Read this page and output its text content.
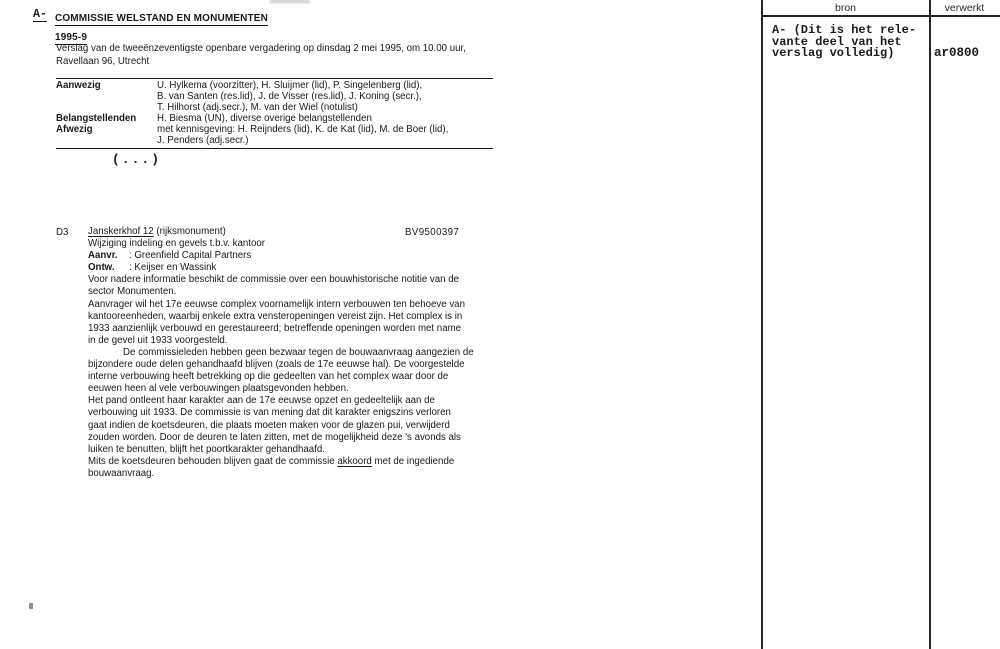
A- COMMISSIE WELSTAND EN MONUMENTEN
1995-9
Verslag van de tweeënzeventigste openbare vergadering op dinsdag 2 mei 1995, om 10.00 uur,
Ravellaan 96, Utrecht
Aanwezig	U. Hylkema (voorzitter), H. Sluijmer (lid), P. Singelenberg (lid),
B. van Santen (res.lid), J. de Visser (res.lid), J. Koning (secr.),
T. Hilhorst (adj.secr.), M. van der Wiel (notulist)
Belangstellenden	H. Biesma (UN), diverse overige belangstellenden
Afwezig	met kennisgeving: H. Reijnders (lid), K. de Kat (lid), M. de Boer (lid),
J. Penders (adj.secr.)
(...)
D3	BV9500397
Janskerkhof 12 (rijksmonument)
Wijziging indeling en gevels t.b.v. kantoor
Aanvr. : Greenfield Capital Partners
Ontw. : Keijser en Wassink
Voor nadere informatie beschikt de commissie over een bouwhistorische notitie van de
sector Monumenten.
Aanvrager wil het 17e eeuwse complex voornamelijk intern verbouwen ten behoeve van
kantooreenheden, waarbij enkele extra vensteropeningen vereist zijn. Het complex is in
1933 aanzienlijk verbouwd en gerestaureerd; betreffende openingen worden met name
in de gevel uit 1933 voorgesteld.
De commissieleden hebben geen bezwaar tegen de bouwaanvraag aangezien de
bijzondere oude delen gehandhaafd blijven (zoals de 17e eeuwse hal). De voorgestelde
interne verbouwing heeft betrekking op die gedeelten van het complex waar door de
eeuwen heen al vele verbouwingen plaatsgevonden hebben.
Het pand ontleent haar karakter aan de 17e eeuwse opzet en gedeeltelijk aan de
verbouwing uit 1933. De commissie is van mening dat dit karakter enigszins verloren
gaat indien de koetsdeuren, die plaats moeten maken voor de glazen pui, verwijderd
zouden worden. Door de deuren te laten zitten, met de mogelijkheid deze 's avonds als
luiken te benutten, blijft het poortkarakter gehandhaafd.
Mits de koetsdeuren behouden blijven gaat de commissie akkoord met de ingediende
bouwaanvraag.
bron	verwerkt
A- (Dit is het rele-
vante deel van het
verslag volledig)	ar0800
